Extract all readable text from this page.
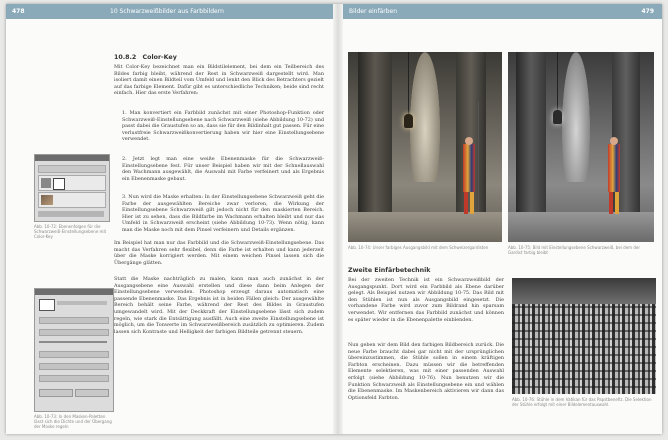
478	10 Schwarzweißbilder aus Farbbildern
10.8.2 Color-Key

Mit Color-Key bezeichnet man ein Bildstilelement, bei dem ein Teilbereich des Bildes farbig bleibt, während der Rest in Schwarzweiß dargestellt wird. Man isoliert damit einen Bildteil vom Umfeld und lenkt den Blick des Betrachters gezielt auf das farbige Element. Dafür gibt es unterschiedliche Techniken; beide sind recht einfach. Hier das erste Verfahren:

1. Man konvertiert ein Farbbild zunächst mit einer Photoshop-Funktion oder Schwarzweiß-Einstellungsebene nach Schwarzweiß (siehe Abbildung 10-72) und passt dabei die Graustufen so an, dass sie für den Bildinhalt gut passen. Für eine verlustfreie Schwarzweißkonvertierung haben wir hier eine Einstellungsebene verwendet.

2. Jetzt legt man eine weiße Ebenenmaske für die Schwarzweiß-Einstellungsebene fest. Für unser Beispiel haben wir mit der Schnellauswahl den Wachmann ausgewählt, die Auswahl mit Farbe verfeinert und als Ergebnis ein Ebenenmaske gebaut.

3. Nun wird die Maske erhalten: In der Einstellungsebene Schwarzweiß geht die Farbe der ausgewählten Bereiche zwar verloren, die Wirkung der Einstellungsebene Schwarzweiß gilt jedoch nicht für den maskierten Bereich. Hier ist zu sehen, dass die Bildfarbe im Wachmann erhalten bleibt und nur das Umfeld in Schwarzweiß erscheint (siehe Abbildung 10-73). Wenn nötig, kann man die Maske noch mit dem Pinsel verfeinern und Details ergänzen.

Im Beispiel hat man nur das Farbbild und die Schwarzweiß-Einstellungsebene. Das macht das Verfahren sehr flexibel, denn die Farbe ist erhalten und kann jederzeit über die Maske korrigiert werden. Mit einem weichen Pinsel lassen sich die Übergänge glätten.

Statt die Maske nachträglich zu malen, kann man auch zunächst in der Ausgangsebene eine Auswahl erstellen und diese dann beim Anlegen der Einstellungsebene verwenden. Photoshop erzeugt daraus automatisch eine passende Ebenenmaske. Das Ergebnis ist in beiden Fällen gleich: Der ausgewählte Bereich behält seine Farbe, während der Rest des Bildes in Graustufen umgewandelt wird. Mit der Deckkraft der Einstellungsebene lässt sich zudem regeln, wie stark die Entsättigung ausfällt. Auch eine zweite Einstellungsebene ist möglich, um die Tonwerte im Schwarzweißbereich zusätzlich zu optimieren. Zudem lassen sich Kontraste und Helligkeit der farbigen Bildteile getrennt steuern.

Abb. 10-72: Ebenenfolgen für die Schwarzweiß-Einstellungsebene mit Color-Key
Abb. 10-73: In den Masken-Paletten lässt sich die Dichte und der Übergang der Maske regeln
Bilder einfärben	479
Abb. 10-74: Unser farbiges Ausgangsbild mit dem Schweizergardisten	Abb. 10-75: Bild mit Einstellungsebene Schwarzweiß, bei dem der Gardist farbig bleibt
Zweite Einfärbetechnik

Bei der zweiten Technik ist ein Schwarzweißbild der Ausgangspunkt. Dort wird ein Farbbild als Ebene darüber gelegt. Als Beispiel nutzen wir Abbildung 10-75. Das Bild mit den Stühlen ist nun als Ausgangsbild eingesetzt. Die vorhandene Farbe wird zuvor zum Bildrand hin sparsam verwendet. Wir entfernen das Farbbild zunächst und können es später wieder in die Ebenenpalette einblenden.

Nun geben wir dem Bild den farbigen Bildbereich zurück. Die neue Farbe braucht dabei gar nicht mit der ursprünglichen übereinzustimmen, die Stühle sollen in einem kräftigen Farbton erscheinen. Dazu müssen wir die betreffenden Elemente selektieren, was mit einer passenden Auswahl erfolgt (siehe Abbildung 10-76). Nun benutzen wir die Funktion Schwarzweiß als Einstellungsebene ein und wählen die Ebenenmaske. Im Maskenbereich aktivieren wir dann das Optionsfeld Farbton.	Abb. 10-76: Stühle in dem Vatikan für das Papstbenefiz. Die Selektion der Stühle erfolgt mit einer Bildelementauswahl.
